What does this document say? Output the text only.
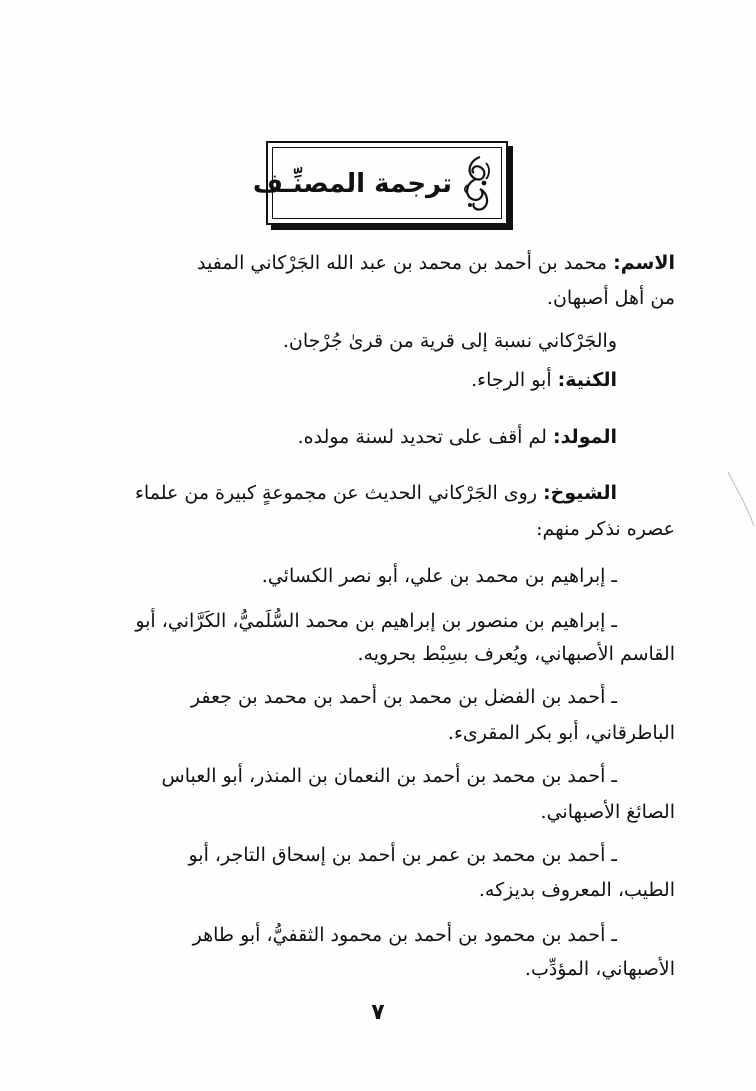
ترجمة المصنِّـف
الاسم: محمد بن أحمد بن محمد بن عبد الله الجَرْكاني المفيد
من أهل أصبهان.
والجَرْكاني نسبة إلى قرية من قرىٰ جُرْجان.
الكنية: أبو الرجاء.
المولد: لم أقف على تحديد لسنة مولده.
الشيوخ: روى الجَرْكاني الحديث عن مجموعةٍ كبيرة من علماء
عصره نذكر منهم:
ـ إبراهيم بن محمد بن علي، أبو نصر الكسائي.
ـ إبراهيم بن منصور بن إبراهيم بن محمد السُّلَميُّ، الكَرَّاني، أبو
القاسم الأصبهاني، ويُعرف بسِبْط بحرويه.
ـ أحمد بن الفضل بن محمد بن أحمد بن محمد بن جعفر
الباطرقاني، أبو بكر المقرىء.
ـ أحمد بن محمد بن أحمد بن النعمان بن المنذر، أبو العباس
الصائغ الأصبهاني.
ـ أحمد بن محمد بن عمر بن أحمد بن إسحاق التاجر، أبو
الطيب، المعروف بديزكه.
ـ أحمد بن محمود بن أحمد بن محمود الثقفيُّ، أبو طاهر
الأصبهاني، المؤدِّب.
٧
